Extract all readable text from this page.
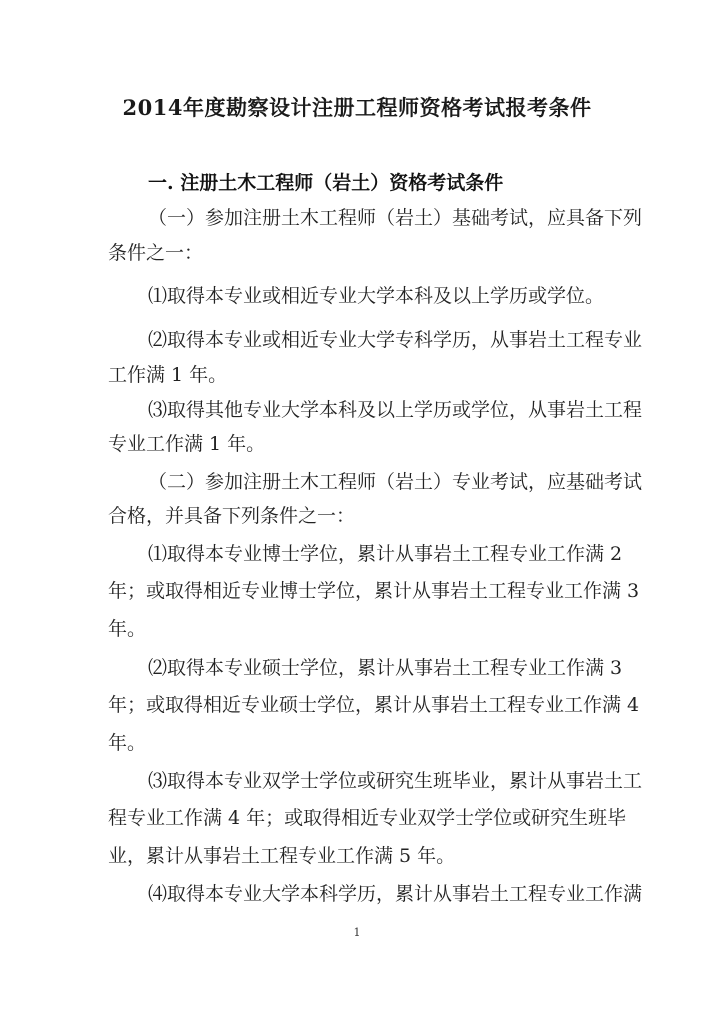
2014年度勘察设计注册工程师资格考试报考条件
一. 注册土木工程师（岩土）资格考试条件
（一）参加注册土木工程师（岩土）基础考试，应具备下列
条件之一：
⑴取得本专业或相近专业大学本科及以上学历或学位。
⑵取得本专业或相近专业大学专科学历，从事岩土工程专业
工作满 1 年。
⑶取得其他专业大学本科及以上学历或学位，从事岩土工程
专业工作满 1 年。
（二）参加注册土木工程师（岩土）专业考试，应基础考试
合格，并具备下列条件之一：
⑴取得本专业博士学位，累计从事岩土工程专业工作满 2
年；或取得相近专业博士学位，累计从事岩土工程专业工作满 3
年。
⑵取得本专业硕士学位，累计从事岩土工程专业工作满 3
年；或取得相近专业硕士学位，累计从事岩土工程专业工作满 4
年。
⑶取得本专业双学士学位或研究生班毕业，累计从事岩土工
程专业工作满 4 年；或取得相近专业双学士学位或研究生班毕
业，累计从事岩土工程专业工作满 5 年。
⑷取得本专业大学本科学历，累计从事岩土工程专业工作满
1
